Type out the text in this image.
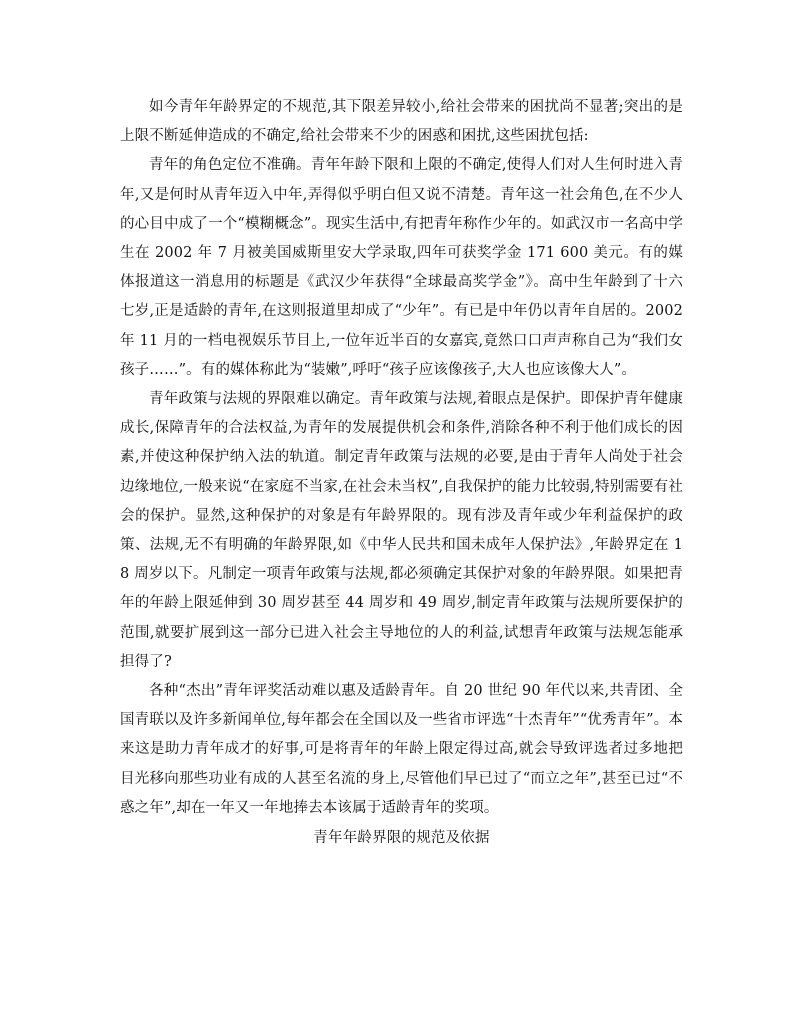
如今青年年龄界定的不规范,其下限差异较小,给社会带来的困扰尚不显著;突出的是上限不断延伸造成的不确定,给社会带来不少的困惑和困扰,这些困扰包括:

青年的角色定位不准确。青年年龄下限和上限的不确定,使得人们对人生何时进入青年,又是何时从青年迈入中年,弄得似乎明白但又说不清楚。青年这一社会角色,在不少人的心目中成了一个“模糊概念”。现实生活中,有把青年称作少年的。如武汉市一名高中学生在 2002 年 7 月被美国威斯里安大学录取,四年可获奖学金 171 600 美元。有的媒体报道这一消息用的标题是《武汉少年获得“全球最高奖学金”》。高中生年龄到了十六七岁,正是适龄的青年,在这则报道里却成了“少年”。有已是中年仍以青年自居的。2002 年 11 月的一档电视娱乐节目上,一位年近半百的女嘉宾,竟然口口声声称自己为“我们女孩子……”。有的媒体称此为“装嫩”,呼吁“孩子应该像孩子,大人也应该像大人”。

青年政策与法规的界限难以确定。青年政策与法规,着眼点是保护。即保护青年健康成长,保障青年的合法权益,为青年的发展提供机会和条件,消除各种不利于他们成长的因素,并使这种保护纳入法的轨道。制定青年政策与法规的必要,是由于青年人尚处于社会边缘地位,一般来说“在家庭不当家,在社会未当权”,自我保护的能力比较弱,特别需要有社会的保护。显然,这种保护的对象是有年龄界限的。现有涉及青年或少年利益保护的政策、法规,无不有明确的年龄界限,如《中华人民共和国未成年人保护法》,年龄界定在 18 周岁以下。凡制定一项青年政策与法规,都必须确定其保护对象的年龄界限。如果把青年的年龄上限延伸到 30 周岁甚至 44 周岁和 49 周岁,制定青年政策与法规所要保护的范围,就要扩展到这一部分已进入社会主导地位的人的利益,试想青年政策与法规怎能承担得了?

各种“杰出”青年评奖活动难以惠及适龄青年。自 20 世纪 90 年代以来,共青团、全国青联以及许多新闻单位,每年都会在全国以及一些省市评选“十杰青年”“优秀青年”。本来这是助力青年成才的好事,可是将青年的年龄上限定得过高,就会导致评选者过多地把目光移向那些功业有成的人甚至名流的身上,尽管他们早已过了“而立之年”,甚至已过“不惑之年”,却在一年又一年地捧去本该属于适龄青年的奖项。

青年年龄界限的规范及依据
